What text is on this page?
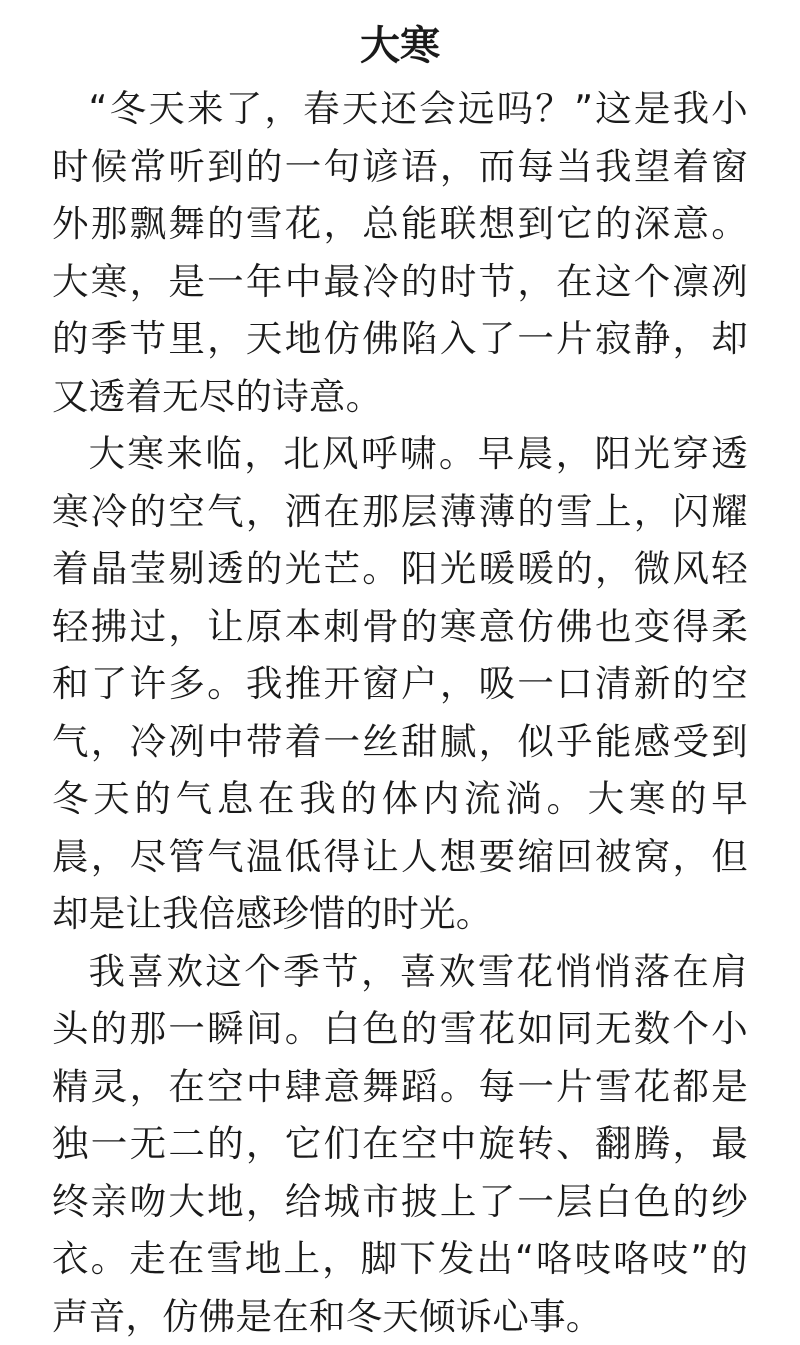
大寒

“冬天来了，春天还会远吗？”这是我小时候常听到的一句谚语，而每当我望着窗外那飘舞的雪花，总能联想到它的深意。大寒，是一年中最冷的时节，在这个凛冽的季节里，天地仿佛陷入了一片寂静，却又透着无尽的诗意。

大寒来临，北风呼啸。早晨，阳光穿透寒冷的空气，洒在那层薄薄的雪上，闪耀着晶莹剔透的光芒。阳光暖暖的，微风轻轻拂过，让原本刺骨的寒意仿佛也变得柔和了许多。我推开窗户，吸一口清新的空气，冷冽中带着一丝甜腻，似乎能感受到冬天的气息在我的体内流淌。大寒的早晨，尽管气温低得让人想要缩回被窝，但却是让我倍感珍惜的时光。

我喜欢这个季节，喜欢雪花悄悄落在肩头的那一瞬间。白色的雪花如同无数个小精灵，在空中肆意舞蹈。每一片雪花都是独一无二的，它们在空中旋转、翻腾，最终亲吻大地，给城市披上了一层白色的纱衣。走在雪地上，脚下发出“咯吱咯吱”的声音，仿佛是在和冬天倾诉心事。
